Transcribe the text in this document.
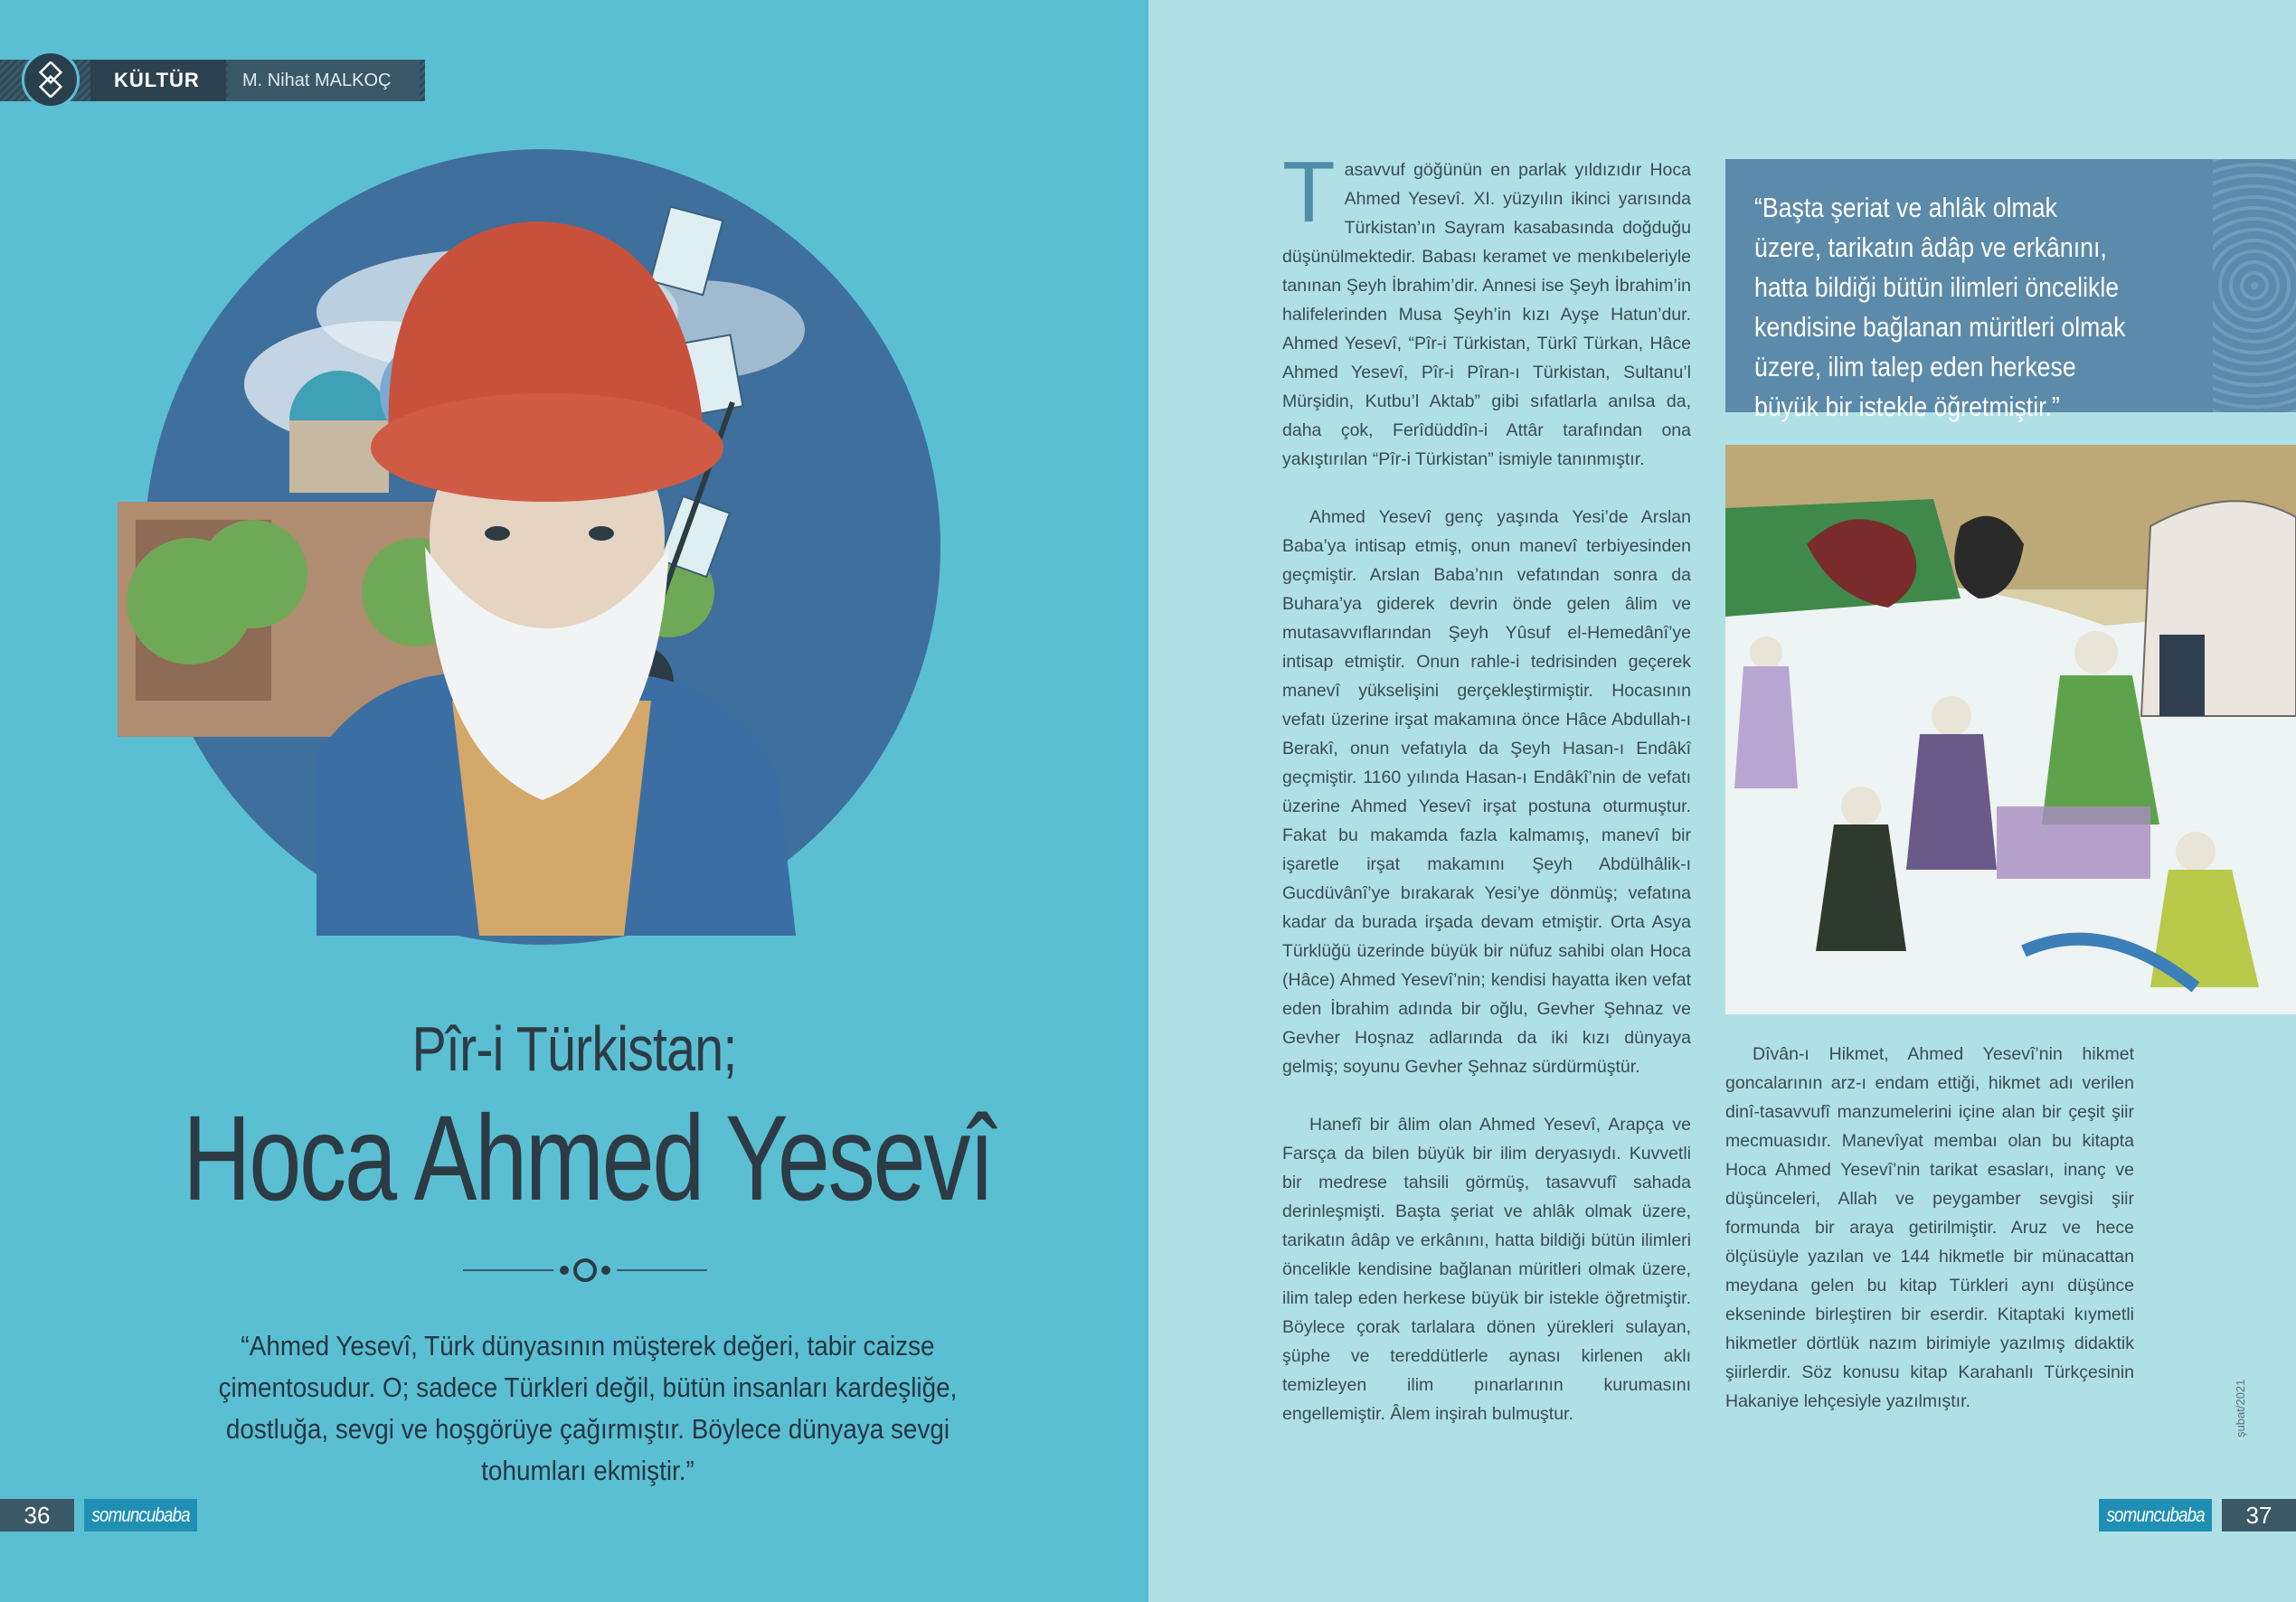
KÜLTÜR	M. Nihat MALKOÇ
Pîr-i Türkistan;
Hoca Ahmed Yesevî
“Ahmed Yesevî, Türk dünyasının müşterek değeri, tabir caizse çimentosudur. O; sadece Türkleri değil, bütün insanları kardeşliğe, dostluğa, sevgi ve hoşgörüye çağırmıştır. Böylece dünyaya sevgi tohumları ekmiştir.”
36	somuncubaba

Tasavvuf göğünün en parlak yıldızıdır Hoca Ahmed Yesevî. XI. yüzyılın ikinci yarısında Türkistan’ın Sayram kasabasında doğduğu düşünülmektedir. Babası keramet ve menkıbeleriyle tanınan Şeyh İbrahim’dir. Annesi ise Şeyh İbrahim’in halifelerinden Musa Şeyh’in kızı Ayşe Hatun’dur. Ahmed Yesevî, “Pîr-i Türkistan, Türkî Türkan, Hâce Ahmed Yesevî, Pîr-i Pîran-ı Türkistan, Sultanu’l Mürşidin, Kutbu’l Aktab” gibi sıfatlarla anılsa da, daha çok, Ferîdüddîn-i Attâr tarafından ona yakıştırılan “Pîr-i Türkistan” ismiyle tanınmıştır.

Ahmed Yesevî genç yaşında Yesi’de Arslan Baba’ya intisap etmiş, onun manevî terbiyesinden geçmiştir. Arslan Baba’nın vefatından sonra da Buhara’ya giderek devrin önde gelen âlim ve mutasavvıflarından Şeyh Yûsuf el-Hemedânî’ye intisap etmiştir. Onun rahle-i tedrisinden geçerek manevî yükselişini gerçekleştirmiştir. Hocasının vefatı üzerine irşat makamına önce Hâce Abdullah-ı Berakî, onun vefatıyla da Şeyh Hasan-ı Endâkî geçmiştir. 1160 yılında Hasan-ı Endâkî’nin de vefatı üzerine Ahmed Yesevî irşat postuna oturmuştur. Fakat bu makamda fazla kalmamış, manevî bir işaretle irşat makamını Şeyh Abdülhâlik-ı Gucdüvânî’ye bırakarak Yesi’ye dönmüş; vefatına kadar da burada irşada devam etmiştir. Orta Asya Türklüğü üzerinde büyük bir nüfuz sahibi olan Hoca (Hâce) Ahmed Yesevî’nin; kendisi hayatta iken vefat eden İbrahim adında bir oğlu, Gevher Şehnaz ve Gevher Hoşnaz adlarında da iki kızı dünyaya gelmiş; soyunu Gevher Şehnaz sürdürmüştür.

Hanefî bir âlim olan Ahmed Yesevî, Arapça ve Farsça da bilen büyük bir ilim deryasıydı. Kuvvetli bir medrese tahsili görmüş, tasavvufî sahada derinleşmişti. Başta şeriat ve ahlâk olmak üzere, tarikatın âdâp ve erkânını, hatta bildiği bütün ilimleri öncelikle kendisine bağlanan müritleri olmak üzere, ilim talep eden herkese büyük bir istekle öğretmiştir. Böylece çorak tarlalara dönen yürekleri sulayan, şüphe ve tereddütlerle aynası kirlenen aklı temizleyen ilim pınarlarının kurumasını engellemiştir. Âlem inşirah bulmuştur.

“Başta şeriat ve ahlâk olmak üzere, tarikatın âdâp ve erkânını, hatta bildiği bütün ilimleri öncelikle kendisine bağlanan müritleri olmak üzere, ilim talep eden herkese büyük bir istekle öğretmiştir.”

Dîvân-ı Hikmet, Ahmed Yesevî’nin hikmet goncalarının arz-ı endam ettiği, hikmet adı verilen dinî-tasavvufî manzumelerini içine alan bir çeşit şiir mecmuasıdır. Manevîyat membaı olan bu kitapta Hoca Ahmed Yesevî’nin tarikat esasları, inanç ve düşünceleri, Allah ve peygamber sevgisi şiir formunda bir araya getirilmiştir. Aruz ve hece ölçüsüyle yazılan ve 144 hikmetle bir münacattan meydana gelen bu kitap Türkleri aynı düşünce ekseninde birleştiren bir eserdir. Kitaptaki kıymetli hikmetler dörtlük nazım birimiyle yazılmış didaktik şiirlerdir. Söz konusu kitap Karahanlı Türkçesinin Hakaniye lehçesiyle yazılmıştır.	şubat/2021
somuncubaba	37
